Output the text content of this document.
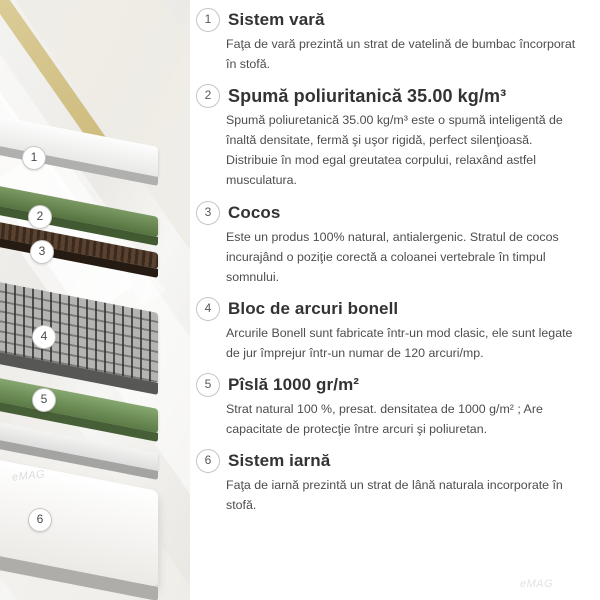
1
2
3
4
5
6
eMAG
eMAG
1 Sistem vară

Faţa de vară prezintă un strat de vatelină de bumbac încorporat în stofă.

2 Spumă poliuritanică 35.00 kg/m³

Spumă poliuretanică 35.00 kg/m³ este o spumă inteligentă de înaltă densitate, fermă şi uşor rigidă, perfect silenţioasă. Distribuie în mod egal greutatea corpului, relaxând astfel musculatura.

3 Cocos

Este un produs 100% natural, antialergenic. Stratul de cocos incurajând o poziţie corectă a coloanei vertebrale în timpul somnului.

4 Bloc de arcuri bonell

Arcurile Bonell sunt fabricate într-un mod clasic, ele sunt legate de jur împrejur într-un numar de 120 arcuri/mp.

5 Pîslă 1000 gr/m²

Strat natural 100 %, presat. densitatea de 1000 g/m² ; Are capacitate de protecţie între arcuri şi poliuretan.

6 Sistem iarnă

Faţa de iarnă prezintă un strat de lână naturala incorporate în stofă.
